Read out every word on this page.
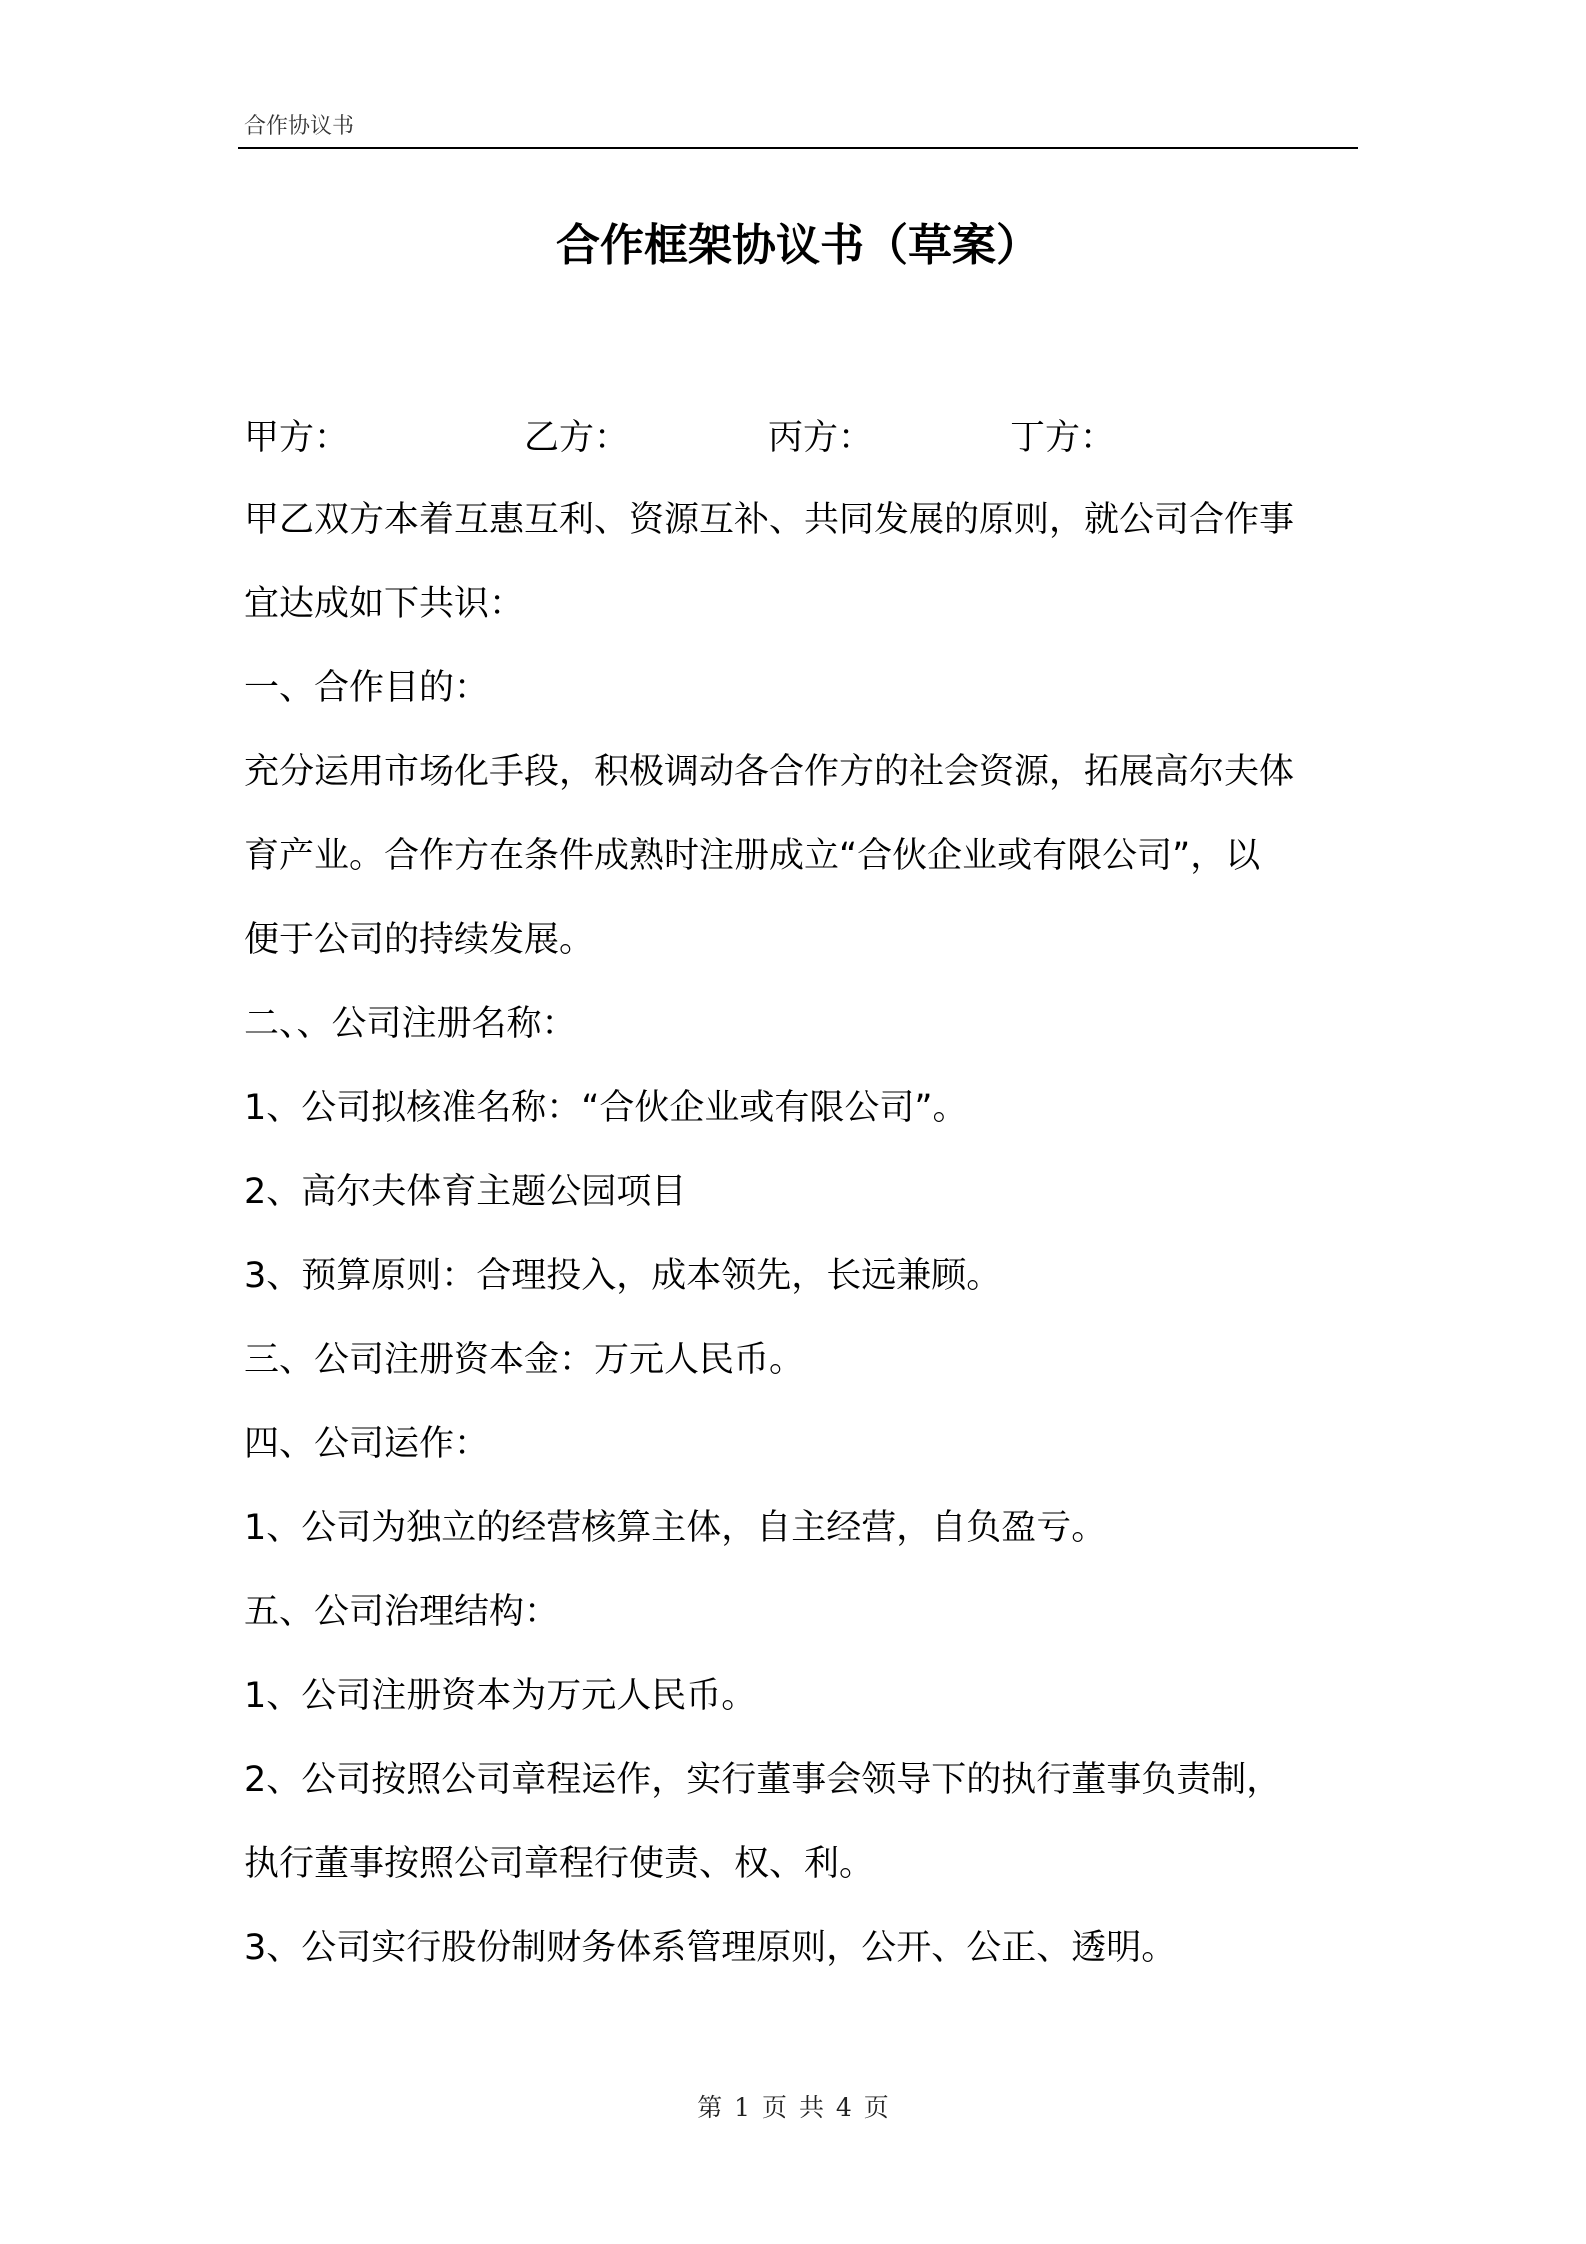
合作协议书
合作框架协议书（草案）
甲方：	乙方：	丙方：	丁方：
甲乙双方本着互惠互利、资源互补、共同发展的原则，就公司合作事
宜达成如下共识：
一、合作目的：
充分运用市场化手段，积极调动各合作方的社会资源，拓展高尔夫体
育产业。合作方在条件成熟时注册成立“合伙企业或有限公司”，以
便于公司的持续发展。
二、、公司注册名称：
1、公司拟核准名称：“合伙企业或有限公司”。
2、高尔夫体育主题公园项目
3、预算原则：合理投入，成本领先，长远兼顾。
三、公司注册资本金：万元人民币。
四、公司运作：
1、公司为独立的经营核算主体，自主经营，自负盈亏。
五、公司治理结构：
1、公司注册资本为万元人民币。
2、公司按照公司章程运作，实行董事会领导下的执行董事负责制，
执行董事按照公司章程行使责、权、利。
3、公司实行股份制财务体系管理原则，公开、公正、透明。
第 1 页 共 4 页
